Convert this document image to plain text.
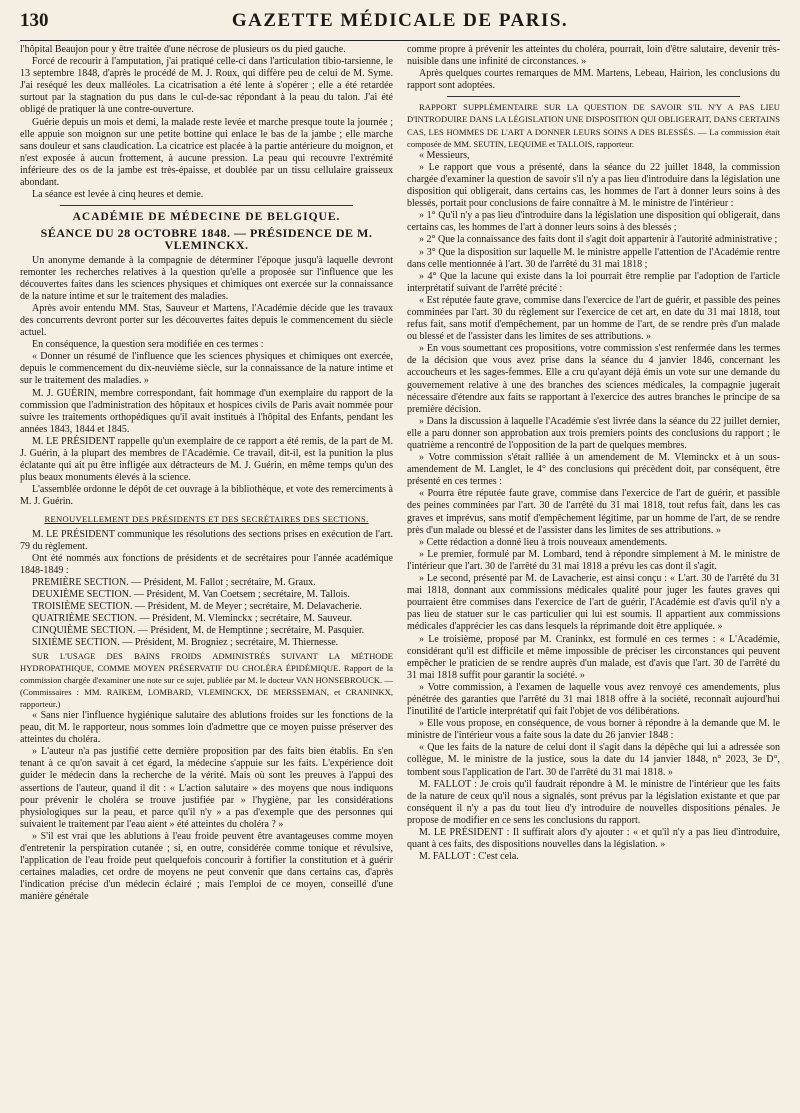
130	GAZETTE MÉDICALE DE PARIS.

l'hôpital Beaujon pour y être traitée d'une nécrose de plusieurs os du pied gauche.

Forcé de recourir à l'amputation, j'ai pratiqué celle-ci dans l'articulation tibio-tarsienne, le 13 septembre 1848, d'après le procédé de M. J. Roux, qui diffère peu de celui de M. Syme. J'ai reséqué les deux malléoles. La cicatrisation a été lente à s'opérer ; elle a été retardée surtout par la stagnation du pus dans le cul-de-sac répondant à la peau du talon. J'ai été obligé de pratiquer là une contre-ouverture.

Guérie depuis un mois et demi, la malade reste levée et marche presque toute la journée ; elle appuie son moignon sur une petite bottine qui enlace le bas de la jambe ; elle marche sans douleur et sans claudication. La cicatrice est placée à la partie antérieure du moignon, et n'est exposée à aucun frottement, à aucune pression. La peau qui recouvre l'extrémité inférieure des os de la jambe est très-épaisse, et doublée par un tissu cellulaire graisseux abondant.

La séance est levée à cinq heures et demie.

ACADÉMIE DE MÉDECINE DE BELGIQUE.
SÉANCE DU 28 OCTOBRE 1848. — PRÉSIDENCE DE M. VLEMINCKX.

Un anonyme demande à la compagnie de déterminer l'époque jusqu'à laquelle devront remonter les recherches relatives à la question qu'elle a proposée sur l'influence que les découvertes faites dans les sciences physiques et chimiques ont exercée sur la connaissance de la nature intime et sur le traitement des maladies.

Après avoir entendu MM. Stas, Sauveur et Martens, l'Académie décide que les travaux des concurrents devront porter sur les découvertes faites depuis le commencement du siècle actuel.

En conséquence, la question sera modifiée en ces termes :

« Donner un résumé de l'influence que les sciences physiques et chimiques ont exercée, depuis le commencement du dix-neuvième siècle, sur la connaissance de la nature intime et sur le traitement des maladies. »

M. J. GUÉRIN, membre correspondant, fait hommage d'un exemplaire du rapport de la commission que l'administration des hôpitaux et hospices civils de Paris avait nommée pour suivre les traitements orthopédiques qu'il avait institués à l'hôpital des Enfants, pendant les années 1843, 1844 et 1845.

M. LE PRÉSIDENT rappelle qu'un exemplaire de ce rapport a été remis, de la part de M. J. Guérin, à la plupart des membres de l'Académie. Ce travail, dit-il, est la punition la plus éclatante qui ait pu être infligée aux détracteurs de M. J. Guérin, en même temps qu'un des plus beaux monuments élevés à la science.

L'assemblée ordonne le dépôt de cet ouvrage à la bibliothèque, et vote des remerciments à M. J. Guérin.

RENOUVELLEMENT DES PRÉSIDENTS ET DES SECRÉTAIRES DES SECTIONS.

M. LE PRÉSIDENT communique les résolutions des sections prises en exécution de l'art. 79 du règlement.

Ont été nommés aux fonctions de présidents et de secrétaires pour l'année académique 1848-1849 :

PREMIÈRE SECTION. — Président, M. Fallot ; secrétaire, M. Graux.

DEUXIÈME SECTION. — Président, M. Van Coetsem ; secrétaire, M. Tallois.

TROISIÈME SECTION. — Président, M. de Meyer ; secrétaire, M. Delavacherie.

QUATRIÈME SECTION. — Président, M. Vleminckx ; secrétaire, M. Sauveur.

CINQUIÈME SECTION. — Président, M. de Hemptinne ; secrétaire, M. Pasquier.

SIXIÈME SECTION. — Président, M. Brogniez ; secrétaire, M. Thiernesse.

SUR L'USAGE DES BAINS FROIDS ADMINISTRÉS SUIVANT LA MÉTHODE HYDROPATHIQUE, COMME MOYEN PRÉSERVATIF DU CHOLÉRA ÉPIDÉMIQUE. Rapport de la commission chargée d'examiner une note sur ce sujet, publiée par M. le docteur VAN HONSEBROUCK. — (Commissaires : MM. RAIKEM, LOMBARD, VLEMINCKX, DE MERSSEMAN, et CRANINKX, rapporteur.)

« Sans nier l'influence hygiénique salutaire des ablutions froides sur les fonctions de la peau, dit M. le rapporteur, nous sommes loin d'admettre que ce moyen puisse préserver des atteintes du choléra.

» L'auteur n'a pas justifié cette dernière proposition par des faits bien établis. En s'en tenant à ce qu'on savait à cet égard, la médecine s'appuie sur les faits. L'expérience doit guider le médecin dans la recherche de la vérité. Mais où sont les preuves à l'appui des assertions de l'auteur, quand il dit : « L'action salutaire » des moyens que nous indiquons pour prévenir le choléra se trouve justifiée par » l'hygiène, par les considérations physiologiques sur la peau, et parce qu'il n'y » a pas d'exemple que des personnes qui suivaient le traitement par l'eau aient » été atteintes du choléra ? »

» S'il est vrai que les ablutions à l'eau froide peuvent être avantageuses comme moyen d'entretenir la perspiration cutanée ; si, en outre, considérée comme tonique et révulsive, l'application de l'eau froide peut quelquefois concourir à fortifier la constitution et à guérir certaines maladies, cet ordre de moyens ne peut convenir que dans certains cas, d'après l'indication précise d'un médecin éclairé ; mais l'emploi de ce moyen, conseillé d'une manière générale

comme propre à prévenir les atteintes du choléra, pourrait, loin d'être salutaire, devenir très-nuisible dans une infinité de circonstances. »

Après quelques courtes remarques de MM. Martens, Lebeau, Hairion, les conclusions du rapport sont adoptées.

RAPPORT SUPPLÉMENTAIRE SUR LA QUESTION DE SAVOIR S'IL N'Y A PAS LIEU D'INTRODUIRE DANS LA LÉGISLATION UNE DISPOSITION QUI OBLIGERAIT, DANS CERTAINS CAS, LES HOMMES DE L'ART A DONNER LEURS SOINS A DES BLESSÉS. — La commission était composée de MM. SEUTIN, LEQUIME et TALLOIS, rapporteur.

« Messieurs,

» Le rapport que vous a présenté, dans la séance du 22 juillet 1848, la commission chargée d'examiner la question de savoir s'il n'y a pas lieu d'introduire dans la législation une disposition qui obligerait, dans certains cas, les hommes de l'art à donner leurs soins à des blessés, portait pour conclusions de faire connaître à M. le ministre de l'intérieur :

» 1° Qu'il n'y a pas lieu d'introduire dans la législation une disposition qui obligerait, dans certains cas, les hommes de l'art à donner leurs soins à des blessés ;

» 2° Que la connaissance des faits dont il s'agit doit appartenir à l'autorité administrative ;

» 3° Que la disposition sur laquelle M. le ministre appelle l'attention de l'Académie rentre dans celle mentionnée à l'art. 30 de l'arrêté du 31 mai 1818 ;

» 4° Que la lacune qui existe dans la loi pourrait être remplie par l'adoption de l'article interprétatif suivant de l'arrêté précité :

« Est réputée faute grave, commise dans l'exercice de l'art de guérir, et passible des peines comminées par l'art. 30 du règlement sur l'exercice de cet art, en date du 31 mai 1818, tout refus fait, sans motif d'empêchement, par un homme de l'art, de se rendre près d'un malade ou blessé et de l'assister dans les limites de ses attributions. »

» En vous soumettant ces propositions, votre commission s'est renfermée dans les termes de la décision que vous avez prise dans la séance du 4 janvier 1846, concernant les accoucheurs et les sages-femmes. Elle a cru qu'ayant déjà émis un vote sur une demande du gouvernement relative à une des branches des sciences médicales, la compagnie jugerait nécessaire d'étendre aux faits se rapportant à l'exercice des autres branches le principe de sa première décision.

» Dans la discussion à laquelle l'Académie s'est livrée dans la séance du 22 juillet dernier, elle a paru donner son approbation aux trois premiers points des conclusions du rapport ; le quatrième a rencontré de l'opposition de la part de quelques membres.

» Votre commission s'était ralliée à un amendement de M. Vleminckx et à un sous-amendement de M. Langlet, le 4° des conclusions qui précèdent doit, par conséquent, être présenté en ces termes :

« Pourra être réputée faute grave, commise dans l'exercice de l'art de guérir, et passible des peines comminées par l'art. 30 de l'arrêté du 31 mai 1818, tout refus fait, dans les cas graves et imprévus, sans motif d'empêchement légitime, par un homme de l'art, de se rendre près d'un malade ou blessé et de l'assister dans les limites de ses attributions. »

» Cette rédaction a donné lieu à trois nouveaux amendements.

» Le premier, formulé par M. Lombard, tend à répondre simplement à M. le ministre de l'intérieur que l'art. 30 de l'arrêté du 31 mai 1818 a prévu les cas dont il s'agit.

» Le second, présenté par M. de Lavacherie, est ainsi conçu : « L'art. 30 de l'arrêté du 31 mai 1818, donnant aux commissions médicales qualité pour juger les fautes graves qui pourraient être commises dans l'exercice de l'art de guérir, l'Académie est d'avis qu'il n'y a pas lieu de statuer sur le cas particulier qui lui est soumis. Il appartient aux commissions médicales d'apprécier les cas dans lesquels la réprimande doit être appliquée. »

» Le troisième, proposé par M. Craninkx, est formulé en ces termes : « L'Académie, considérant qu'il est difficile et même impossible de préciser les circonstances qui peuvent empêcher le praticien de se rendre auprès d'un malade, est d'avis que l'art. 30 de l'arrêté du 31 mai 1818 suffit pour garantir la société. »

» Votre commission, à l'examen de laquelle vous avez renvoyé ces amendements, plus pénétrée des garanties que l'arrêté du 31 mai 1818 offre à la société, reconnaît aujourd'hui l'inutilité de l'article interprétatif qui fait l'objet de vos délibérations.

» Elle vous propose, en conséquence, de vous borner à répondre à la demande que M. le ministre de l'intérieur vous a faite sous la date du 26 janvier 1848 :

« Que les faits de la nature de celui dont il s'agit dans la dépêche qui lui a adressée son collègue, M. le ministre de la justice, sous la date du 14 janvier 1848, n° 2023, 3e D°, tombent sous l'application de l'art. 30 de l'arrêté du 31 mai 1818. »

M. FALLOT : Je crois qu'il faudrait répondre à M. le ministre de l'intérieur que les faits de la nature de ceux qu'il nous a signalés, sont prévus par la législation existante et que par conséquent il n'y a pas du tout lieu d'y introduire de nouvelles dispositions pénales. Je propose de modifier en ce sens les conclusions du rapport.

M. LE PRÉSIDENT : Il suffirait alors d'y ajouter : « et qu'il n'y a pas lieu d'introduire, quant à ces faits, des dispositions nouvelles dans la législation. »

M. FALLOT : C'est cela.
